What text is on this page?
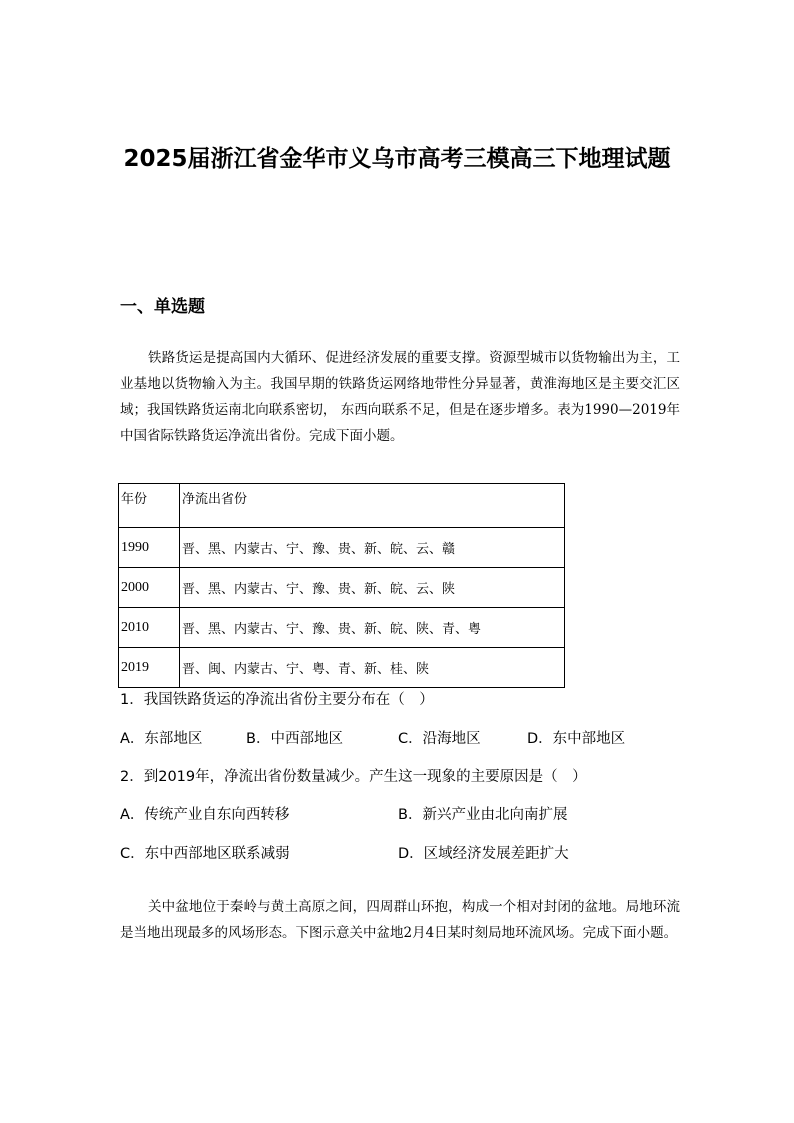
2025届浙江省金华市义乌市高考三模高三下地理试题
一、单选题
铁路货运是提高国内大循环、促进经济发展的重要支撑。资源型城市以货物输出为主，工业基地以货物输入为主。我国早期的铁路货运网络地带性分异显著，黄淮海地区是主要交汇区域；我国铁路货运南北向联系密切， 东西向联系不足，但是在逐步增多。表为1990—2019年中国省际铁路货运净流出省份。完成下面小题。
年份	净流出省份
1990	晋、黑、内蒙古、宁、豫、贵、新、皖、云、赣
2000	晋、黑、内蒙古、宁、豫、贵、新、皖、云、陕
2010	晋、黑、内蒙古、宁、豫、贵、新、皖、陕、青、粤
2019	晋、闽、内蒙古、宁、粤、青、新、桂、陕
1．我国铁路货运的净流出省份主要分布在（　）
A．东部地区	B．中西部地区	C．沿海地区	D．东中部地区
2．到2019年，净流出省份数量减少。产生这一现象的主要原因是（　）
A．传统产业自东向西转移	B．新兴产业由北向南扩展
C．东中西部地区联系减弱	D．区域经济发展差距扩大
关中盆地位于秦岭与黄土高原之间，四周群山环抱，构成一个相对封闭的盆地。局地环流是当地出现最多的风场形态。下图示意关中盆地2月4日某时刻局地环流风场。完成下面小题。
